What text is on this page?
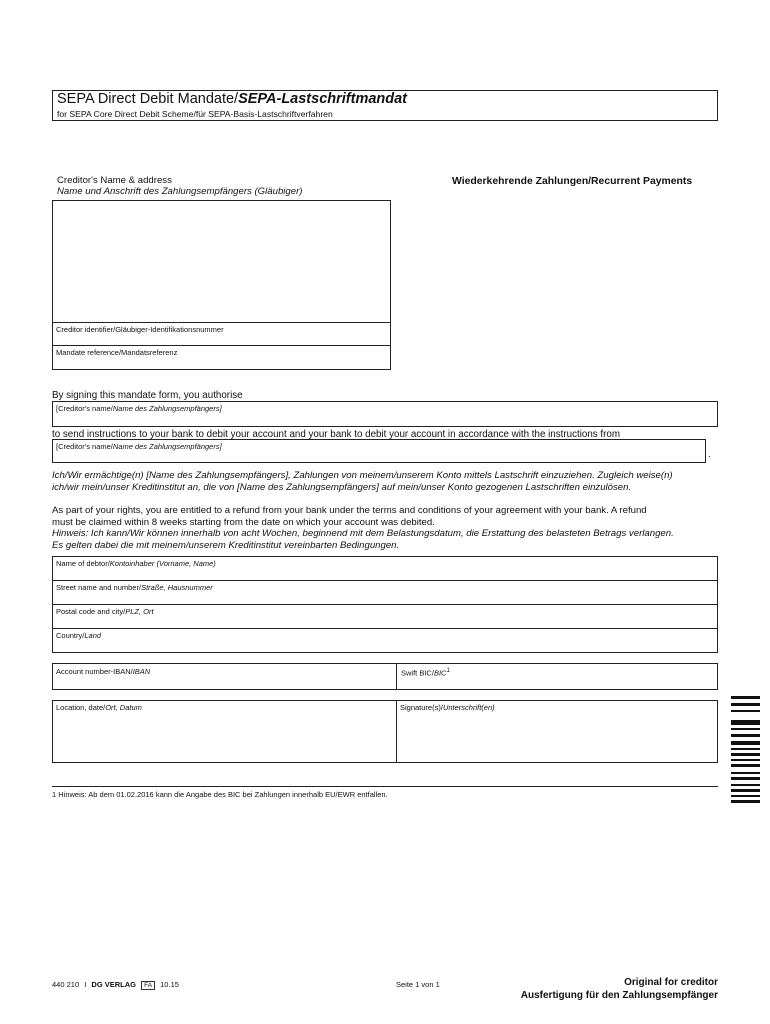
SEPA Direct Debit Mandate/SEPA-Lastschriftmandat
for SEPA Core Direct Debit Scheme/für SEPA-Basis-Lastschriftverfahren
Creditor's Name & address
Name und Anschrift des Zahlungsempfängers (Gläubiger)
Wiederkehrende Zahlungen/Recurrent Payments
Creditor identifier/Gläubiger-Identifikationsnummer
Mandate reference/Mandatsreferenz
By signing this mandate form, you authorise
[Creditor's name/Name des Zahlungsempfängers]
to send instructions to your bank to debit your account and your bank to debit your account in accordance with the instructions from
[Creditor's name/Name des Zahlungsempfängers]
.
Ich/Wir ermächtige(n) [Name des Zahlungsempfängers], Zahlungen von meinem/unserem Konto mittels Lastschrift einzuziehen. Zugleich weise(n)
ich/wir mein/unser Kreditinstitut an, die von [Name des Zahlungsempfängers] auf mein/unser Konto gezogenen Lastschriften einzulösen.
As part of your rights, you are entitled to a refund from your bank under the terms and conditions of your agreement with your bank. A refund
must be claimed within 8 weeks starting from the date on which your account was debited.
Hinweis: Ich kann/Wir können innerhalb von acht Wochen, beginnend mit dem Belastungsdatum, die Erstattung des belasteten Betrags verlangen.
Es gelten dabei die mit meinem/unserem Kreditinstitut vereinbarten Bedingungen.
Name of debtor/Kontoinhaber (Vorname, Name)
Street name and number/Straße, Hausnummer
Postal code and city/PLZ, Ort
Country/Land
Account number-IBAN/IBAN	Swift BIC/BIC$^1$
Location, date/Ort, Datum	Signature(s)/Unterschrift(en)
1 Hinweis: Ab dem 01.02.2016 kann die Angabe des BIC bei Zahlungen innerhalb EU/EWR entfallen.
440 210 I DG VERLAG FA 10.15	Seite 1 von 1	Original for creditor
Ausfertigung für den Zahlungsempfänger
